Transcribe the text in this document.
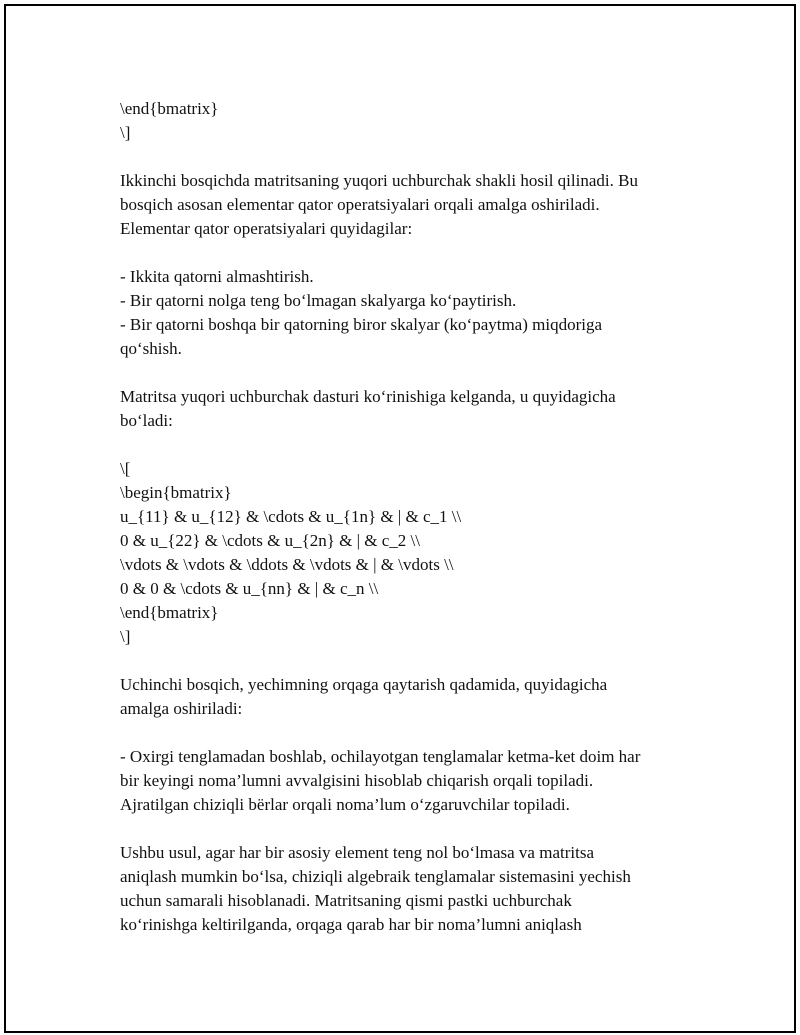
\end{bmatrix}
\]
Ikkinchi bosqichda matritsaning yuqori uchburchak shakli hosil qilinadi. Bu
bosqich asosan elementar qator operatsiyalari orqali amalga oshiriladi.
Elementar qator operatsiyalari quyidagilar:
- Ikkita qatorni almashtirish.
- Bir qatorni nolga teng bo‘lmagan skalyarga ko‘paytirish.
- Bir qatorni boshqa bir qatorning biror skalyar (ko‘paytma) miqdoriga
qo‘shish.
Matritsa yuqori uchburchak dasturi ko‘rinishiga kelganda, u quyidagicha
bo‘ladi:
\[
\begin{bmatrix}
u_{11} & u_{12} & \cdots & u_{1n} & | & c_1 \\
0 & u_{22} & \cdots & u_{2n} & | & c_2 \\
\vdots & \vdots & \ddots & \vdots & | & \vdots \\
0 & 0 & \cdots & u_{nn} & | & c_n \\
\end{bmatrix}
\]
Uchinchi bosqich, yechimning orqaga qaytarish qadamida, quyidagicha
amalga oshiriladi:
- Oxirgi tenglamadan boshlab, ochilayotgan tenglamalar ketma-ket doim har
bir keyingi noma’lumni avvalgisini hisoblab chiqarish orqali topiladi.
Ajratilgan chiziqli bërlar orqali noma’lum o‘zgaruvchilar topiladi.
Ushbu usul, agar har bir asosiy element teng nol bo‘lmasa va matritsa
aniqlash mumkin bo‘lsa, chiziqli algebraik tenglamalar sistemasini yechish
uchun samarali hisoblanadi. Matritsaning qismi pastki uchburchak
ko‘rinishga keltirilganda, orqaga qarab har bir noma’lumni aniqlash
